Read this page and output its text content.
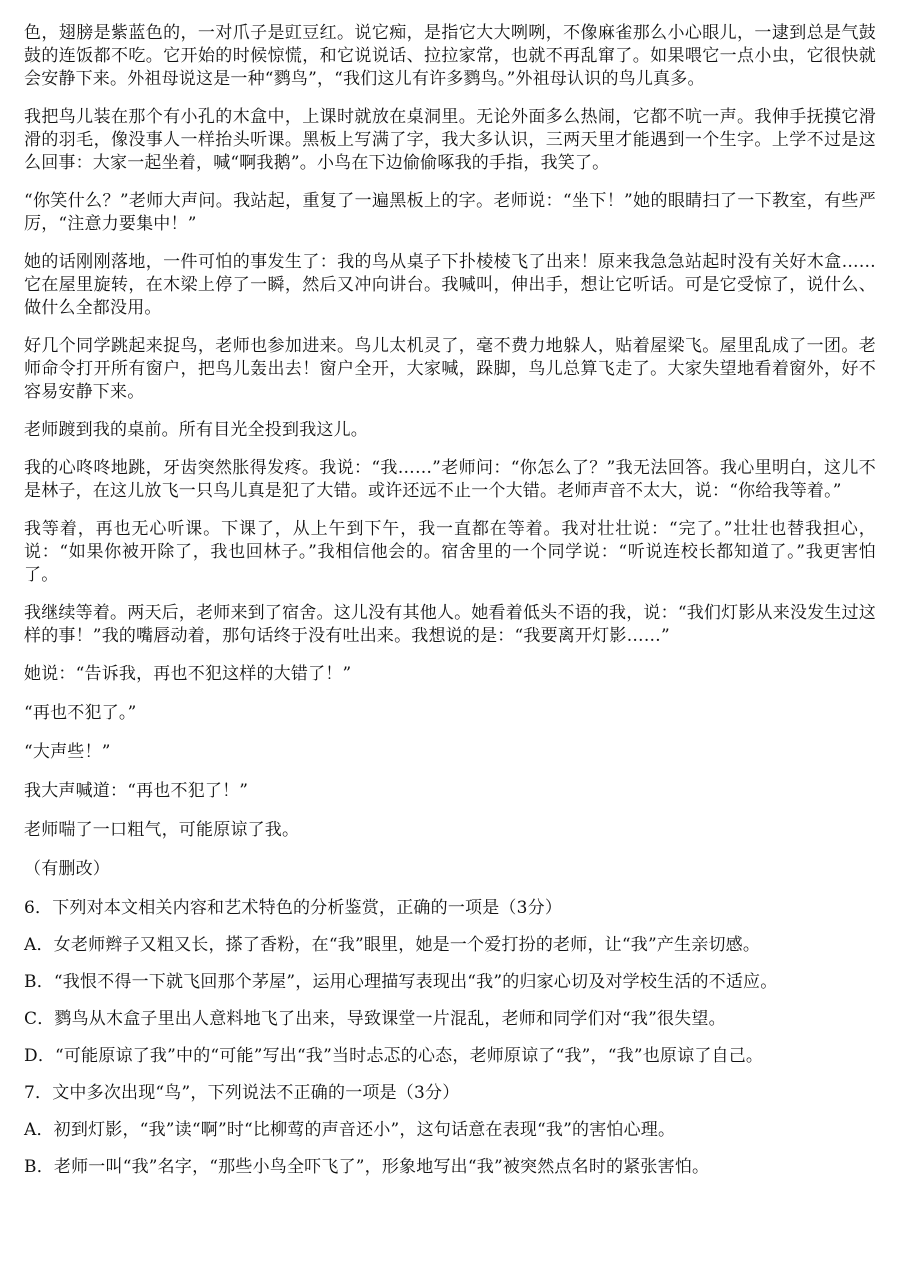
色，翅膀是紫蓝色的，一对爪子是豇豆红。说它痴，是指它大大咧咧，不像麻雀那么小心眼儿，一逮到总是气鼓鼓的连饭都不吃。它开始的时候惊慌，和它说说话、拉拉家常，也就不再乱窜了。如果喂它一点小虫，它很快就会安静下来。外祖母说这是一种“鹨鸟”，“我们这儿有许多鹨鸟。”外祖母认识的鸟儿真多。

我把鸟儿装在那个有小孔的木盒中，上课时就放在桌洞里。无论外面多么热闹，它都不吭一声。我伸手抚摸它滑滑的羽毛，像没事人一样抬头听课。黑板上写满了字，我大多认识，三两天里才能遇到一个生字。上学不过是这么回事：大家一起坐着，喊“啊我鹅”。小鸟在下边偷偷啄我的手指，我笑了。

“你笑什么？”老师大声问。我站起，重复了一遍黑板上的字。老师说：“坐下！”她的眼睛扫了一下教室，有些严厉，“注意力要集中！”

她的话刚刚落地，一件可怕的事发生了：我的鸟从桌子下扑棱棱飞了出来！原来我急急站起时没有关好木盒……它在屋里旋转，在木梁上停了一瞬，然后又冲向讲台。我喊叫，伸出手，想让它听话。可是它受惊了，说什么、做什么全都没用。

好几个同学跳起来捉鸟，老师也参加进来。鸟儿太机灵了，毫不费力地躲人，贴着屋梁飞。屋里乱成了一团。老师命令打开所有窗户，把鸟儿轰出去！窗户全开，大家喊，跺脚，鸟儿总算飞走了。大家失望地看着窗外，好不容易安静下来。

老师踱到我的桌前。所有目光全投到我这儿。

我的心咚咚地跳，牙齿突然胀得发疼。我说：“我……”老师问：“你怎么了？”我无法回答。我心里明白，这儿不是林子，在这儿放飞一只鸟儿真是犯了大错。或许还远不止一个大错。老师声音不太大，说：“你给我等着。”

我等着，再也无心听课。下课了，从上午到下午，我一直都在等着。我对壮壮说：“完了。”壮壮也替我担心，说：“如果你被开除了，我也回林子。”我相信他会的。宿舍里的一个同学说：“听说连校长都知道了。”我更害怕了。

我继续等着。两天后，老师来到了宿舍。这儿没有其他人。她看着低头不语的我，说：“我们灯影从来没发生过这样的事！”我的嘴唇动着，那句话终于没有吐出来。我想说的是：“我要离开灯影……”

她说：“告诉我，再也不犯这样的大错了！”

“再也不犯了。”

“大声些！”

我大声喊道：“再也不犯了！”

老师喘了一口粗气，可能原谅了我。

（有删改）

6．下列对本文相关内容和艺术特色的分析鉴赏，正确的一项是（3分）

A．女老师辫子又粗又长，搽了香粉，在“我”眼里，她是一个爱打扮的老师，让“我”产生亲切感。

B．“我恨不得一下就飞回那个茅屋”，运用心理描写表现出“我”的归家心切及对学校生活的不适应。

C．鹨鸟从木盒子里出人意料地飞了出来，导致课堂一片混乱，老师和同学们对“我”很失望。

D．“可能原谅了我”中的“可能”写出“我”当时忐忑的心态，老师原谅了“我”，“我”也原谅了自己。

7．文中多次出现“鸟”，下列说法不正确的一项是（3分）

A．初到灯影，“我”读“啊”时“比柳莺的声音还小”，这句话意在表现“我”的害怕心理。

B．老师一叫“我”名字，“那些小鸟全吓飞了”，形象地写出“我”被突然点名时的紧张害怕。
